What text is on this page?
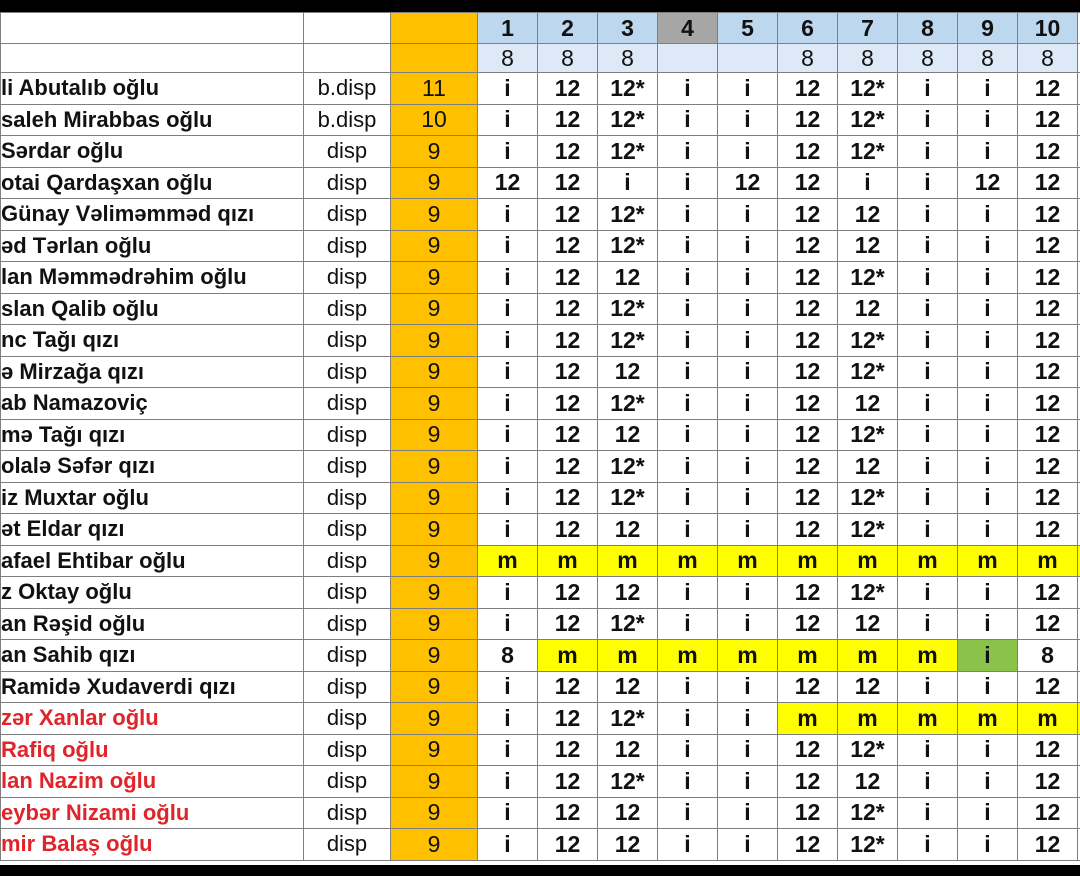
			1	2	3	4	5	6	7	8	9	10	
			8	8	8			8	8	8	8	8	
li Abutalıb oğlu	b.disp	11	i	12	12*	i	i	12	12*	i	i	12	
saleh Mirabbas oğlu	b.disp	10	i	12	12*	i	i	12	12*	i	i	12	
Sərdar oğlu	disp	9	i	12	12*	i	i	12	12*	i	i	12	
otai Qardaşxan oğlu	disp	9	12	12	i	i	12	12	i	i	12	12	
Günay Vəliməmməd qızı	disp	9	i	12	12*	i	i	12	12	i	i	12	
əd Tərlan oğlu	disp	9	i	12	12*	i	i	12	12	i	i	12	
lan Məmmədrəhim oğlu	disp	9	i	12	12	i	i	12	12*	i	i	12	
slan Qalib oğlu	disp	9	i	12	12*	i	i	12	12	i	i	12	
nc Tağı qızı	disp	9	i	12	12*	i	i	12	12*	i	i	12	
ə Mirzağa qızı	disp	9	i	12	12	i	i	12	12*	i	i	12	
ab Namazoviç	disp	9	i	12	12*	i	i	12	12	i	i	12	
mə Tağı qızı	disp	9	i	12	12	i	i	12	12*	i	i	12	
olalə Səfər qızı	disp	9	i	12	12*	i	i	12	12	i	i	12	
iz Muxtar oğlu	disp	9	i	12	12*	i	i	12	12*	i	i	12	
ət Eldar qızı	disp	9	i	12	12	i	i	12	12*	i	i	12	
afael Ehtibar oğlu	disp	9	m	m	m	m	m	m	m	m	m	m	
z Oktay oğlu	disp	9	i	12	12	i	i	12	12*	i	i	12	
an Rəşid oğlu	disp	9	i	12	12*	i	i	12	12	i	i	12	
an Sahib qızı	disp	9	8	m	m	m	m	m	m	m	i	8	
Ramidə Xudaverdi qızı	disp	9	i	12	12	i	i	12	12	i	i	12	
zər Xanlar oğlu	disp	9	i	12	12*	i	i	m	m	m	m	m	
Rafiq oğlu	disp	9	i	12	12	i	i	12	12*	i	i	12	
lan Nazim oğlu	disp	9	i	12	12*	i	i	12	12	i	i	12	
eybər Nizami oğlu	disp	9	i	12	12	i	i	12	12*	i	i	12	
mir Balaş oğlu	disp	9	i	12	12	i	i	12	12*	i	i	12	
